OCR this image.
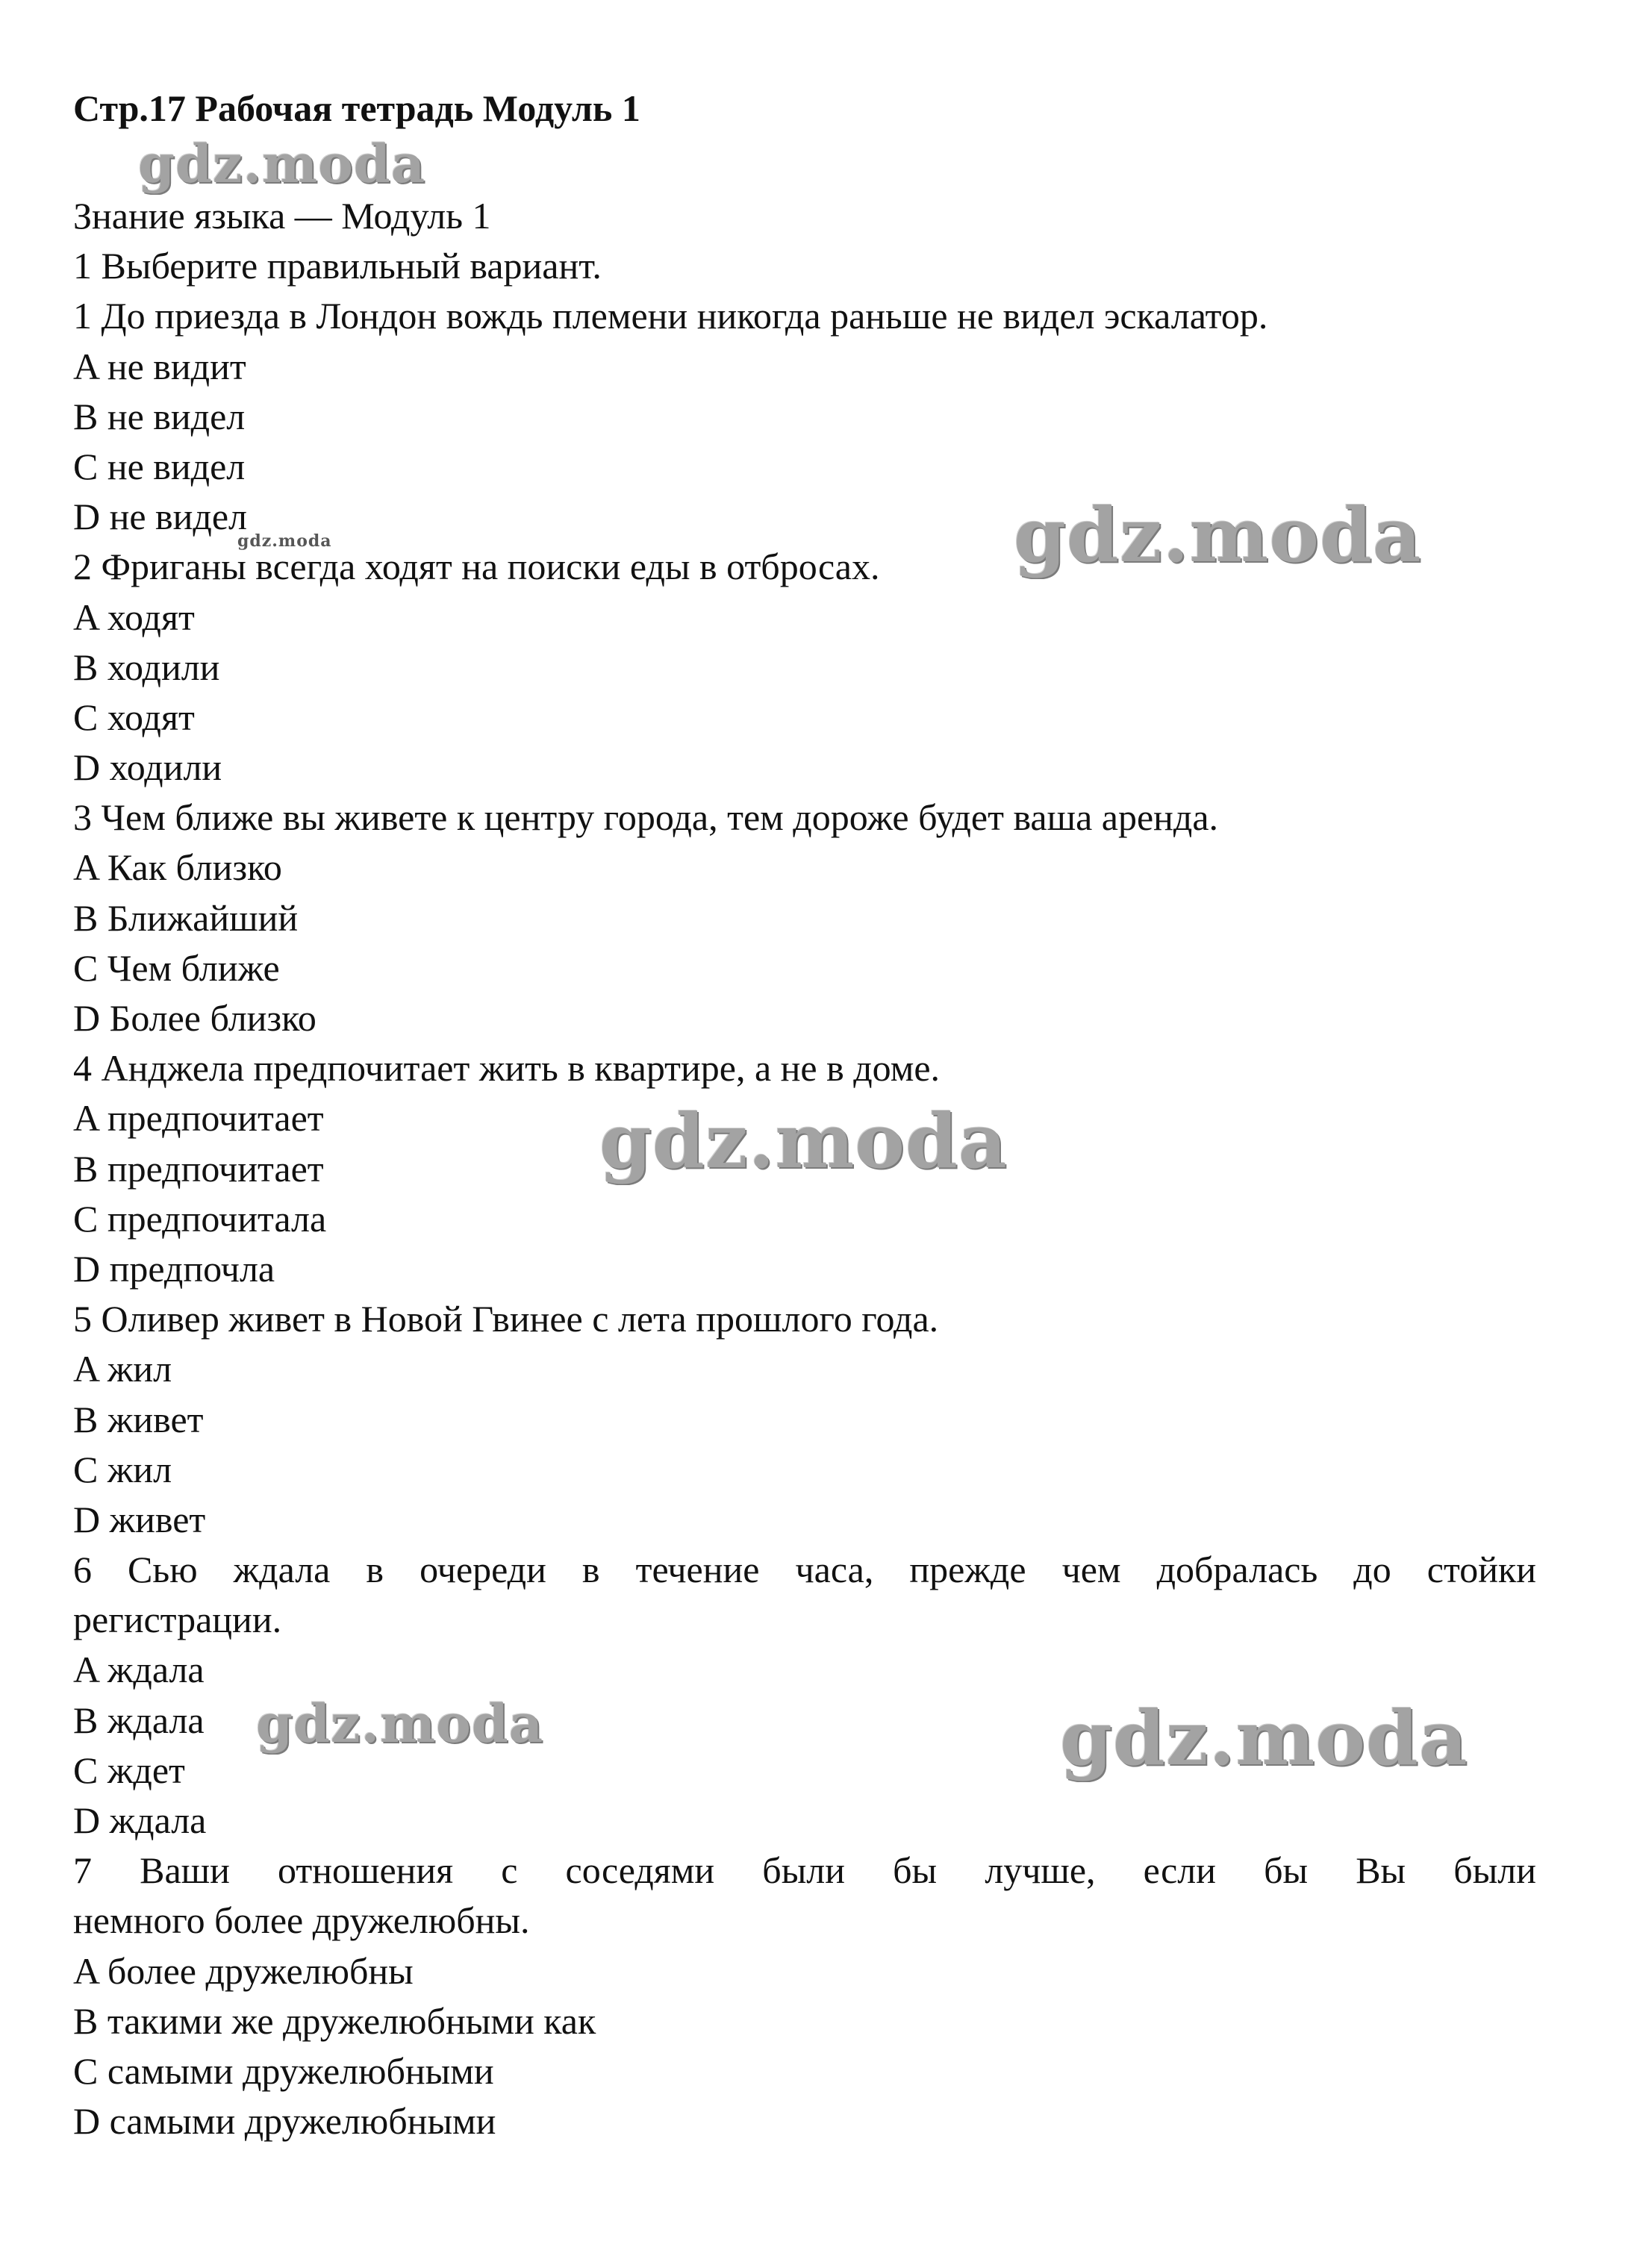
Стр.17 Рабочая тетрадь Модуль 1
Знание языка — Модуль 1
1 Выберите правильный вариант.
1 До приезда в Лондон вождь племени никогда раньше не видел эскалатор.
A не видит
B не видел
C не видел
D не видел
2 Фриганы всегда ходят на поиски еды в отбросах.
A ходят
B ходили
C ходят
D ходили
3 Чем ближе вы живете к центру города, тем дороже будет ваша аренда.
A Как близко
B Ближайший
C Чем ближе
D Более близко
4 Анджела предпочитает жить в квартире, а не в доме.
A предпочитает
B предпочитает
C предпочитала
D предпочла
5 Оливер живет в Новой Гвинее с лета прошлого года.
A жил
B живет
C жил
D живет
6 Сью ждала в очереди в течение часа, прежде чем добралась до стойки
регистрации.
A ждала
B ждала
C ждет
D ждала
7 Ваши отношения с соседями были бы лучше, если бы Вы были
немного более дружелюбны.
A более дружелюбны
B такими же дружелюбными как
C самыми дружелюбными
D самыми дружелюбными
gdz.moda
gdz.moda	gdz.moda
gdz.moda
gdz.moda	gdz.moda
